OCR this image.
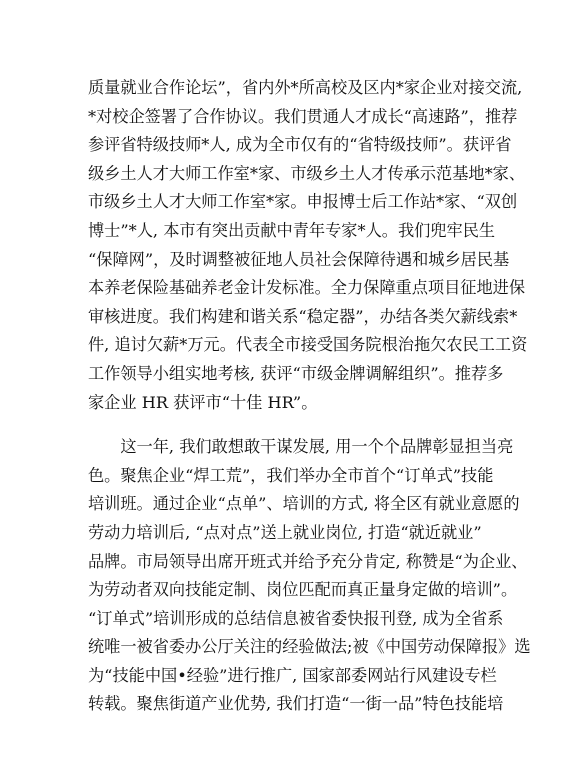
质量就业合作论坛”，省内外*所高校及区内*家企业对接交流,
*对校企签署了合作协议。我们贯通人才成长“高速路”，推荐
参评省特级技师*人, 成为全市仅有的“省特级技师”。获评省
级乡土人才大师工作室*家、市级乡土人才传承示范基地*家、
市级乡土人才大师工作室*家。申报博士后工作站*家、“双创
博士”*人, 本市有突出贡献中青年专家*人。我们兜牢民生
“保障网”，及时调整被征地人员社会保障待遇和城乡居民基
本养老保险基础养老金计发标准。全力保障重点项目征地进保
审核进度。我们构建和谐关系“稳定器”，办结各类欠薪线索*
件, 追讨欠薪*万元。代表全市接受国务院根治拖欠农民工工资
工作领导小组实地考核, 获评“市级金牌调解组织”。推荐多
家企业 HR 获评市“十佳 HR”。
　　这一年, 我们敢想敢干谋发展, 用一个个品牌彰显担当亮
色。聚焦企业“焊工荒”，我们举办全市首个“订单式”技能
培训班。通过企业“点单”、培训的方式, 将全区有就业意愿的
劳动力培训后, “点对点”送上就业岗位, 打造“就近就业”
品牌。市局领导出席开班式并给予充分肯定, 称赞是“为企业、
为劳动者双向技能定制、岗位匹配而真正量身定做的培训”。
“订单式”培训形成的总结信息被省委快报刊登, 成为全省系
统唯一被省委办公厅关注的经验做法;被《中国劳动保障报》选
为“技能中国•经验”进行推广, 国家部委网站行风建设专栏
转载。聚焦街道产业优势, 我们打造“一街一品”特色技能培
